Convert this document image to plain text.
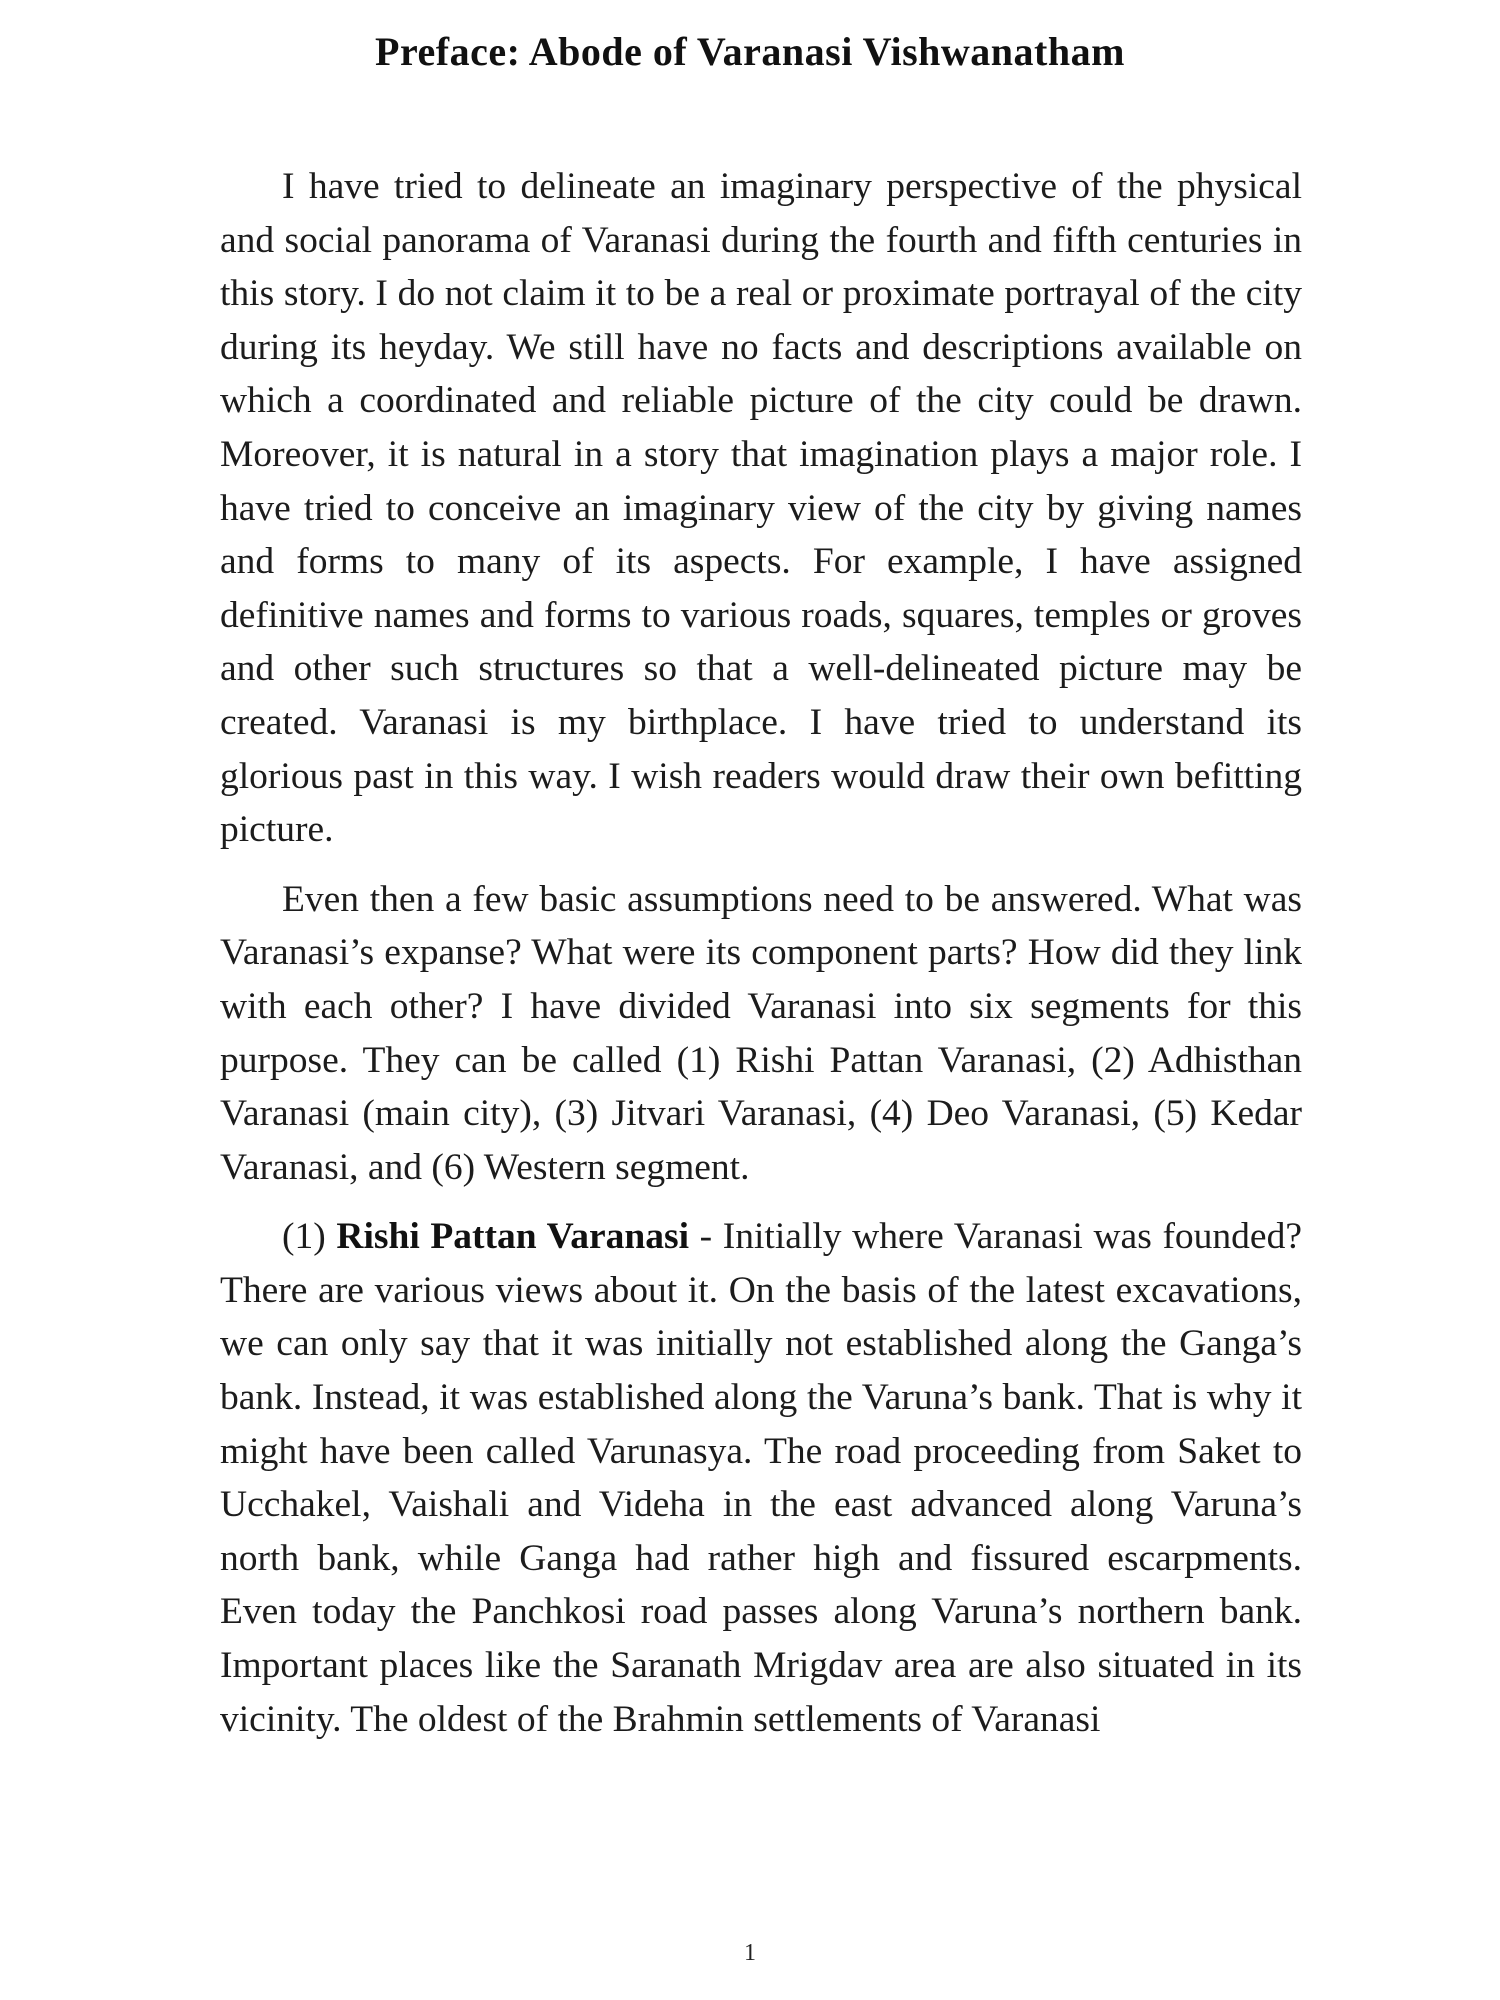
Preface: Abode of Varanasi Vishwanatham

I have tried to delineate an imaginary perspective of the physical and social panorama of Varanasi during the fourth and fifth centuries in this story. I do not claim it to be a real or proximate portrayal of the city during its heyday. We still have no facts and descriptions available on which a coordinated and reliable picture of the city could be drawn. Moreover, it is natural in a story that imagination plays a major role. I have tried to conceive an imaginary view of the city by giving names and forms to many of its aspects. For example, I have assigned definitive names and forms to various roads, squares, temples or groves and other such structures so that a well-delineated picture may be created. Varanasi is my birthplace. I have tried to understand its glorious past in this way. I wish readers would draw their own befitting picture.

Even then a few basic assumptions need to be answered. What was Varanasi’s expanse? What were its component parts? How did they link with each other? I have divided Varanasi into six segments for this purpose. They can be called (1) Rishi Pattan Varanasi, (2) Adhisthan Varanasi (main city), (3) Jitvari Varanasi, (4) Deo Varanasi, (5) Kedar Varanasi, and (6) Western segment.

(1) Rishi Pattan Varanasi - Initially where Varanasi was founded? There are various views about it. On the basis of the latest excavations, we can only say that it was initially not established along the Ganga’s bank. Instead, it was established along the Varuna’s bank. That is why it might have been called Varunasya. The road proceeding from Saket to Ucchakel, Vaishali and Videha in the east advanced along Varuna’s north bank, while Ganga had rather high and fissured escarpments. Even today the Panchkosi road passes along Varuna’s northern bank. Important places like the Saranath Mrigdav area are also situated in its vicinity. The oldest of the Brahmin settlements of Varanasi

1
